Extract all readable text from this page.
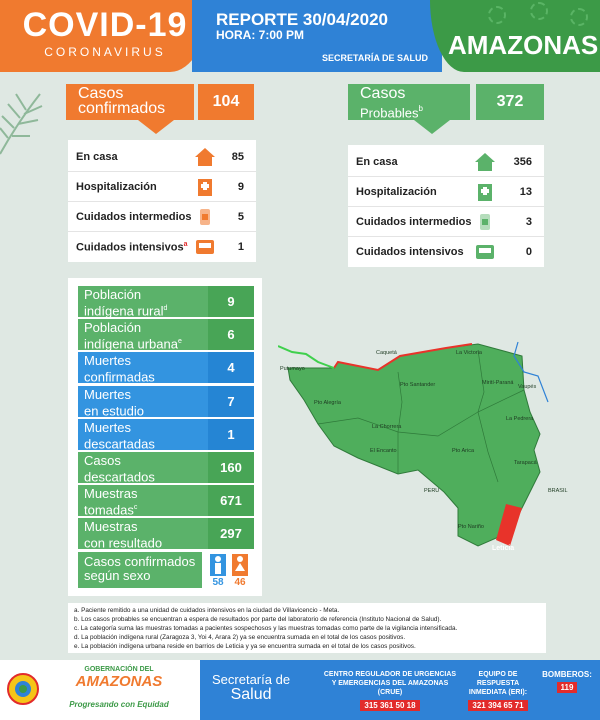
COVID-19
CORONAVIRUS
REPORTE 30/04/2020
HORA: 7:00 PM
SECRETARÍA DE SALUD AMAZONAS
Casos
confirmados	104
En casa	85
Hospitalización	9
Cuidados intermedios	5
Cuidados intensivos$^a$	1
Casos
Probables$^b$	372
En casa	356
Hospitalización	13
Cuidados intermedios	3
Cuidados intensivos	0
Población
indígena rural$^d$	9
Población
indígena urbana$^e$	6
Muertes
confirmadas
4
Muertes
en estudio
7
Muertes
descartadas
1
Casos
descartados
160
Muestras
tomadas$^c$	671
Muestras
con resultado
297
Casos confirmados
según sexo	58	46
Putumayo
Caquetá	La Victoria
Vaupés
Pto Santander	Mirití-Paraná
Pto Alegría
La Pedrera
La Chorrera
El Encanto	Pto Arica
Tarapacá
PERU	BRASIL
Pto Nariño
Leticia
a. Paciente remitido a una unidad de cuidados intensivos en la ciudad de Villavicencio - Meta.
b. Los casos probables se encuentran a espera de resultados por parte del laboratorio de referencia (Instituto Nacional de Salud).
c. La categoría suma las muestras tomadas a pacientes sospechosos y las muestras tomadas como parte de la vigilancia intensificada.
d. La población indígena rural (Zaragoza 3, Yoi 4, Arara 2) ya se encuentra sumada en el total de los casos positivos.
e. La población indígena urbana reside en barrios de Leticia y ya se encuentra sumada en el total de los casos positivos.
GOBERNACIÓN DEL
AMAZONAS
Progresando con Equidad
Secretaría de
Salud
CENTRO REGULADOR DE URGENCIAS
Y EMERGENCIAS DEL AMAZONAS (CRUE)
315 361 50 18
EQUIPO DE RESPUESTA
INMEDIATA (ERI):
321 394 65 71
BOMBEROS:
119
